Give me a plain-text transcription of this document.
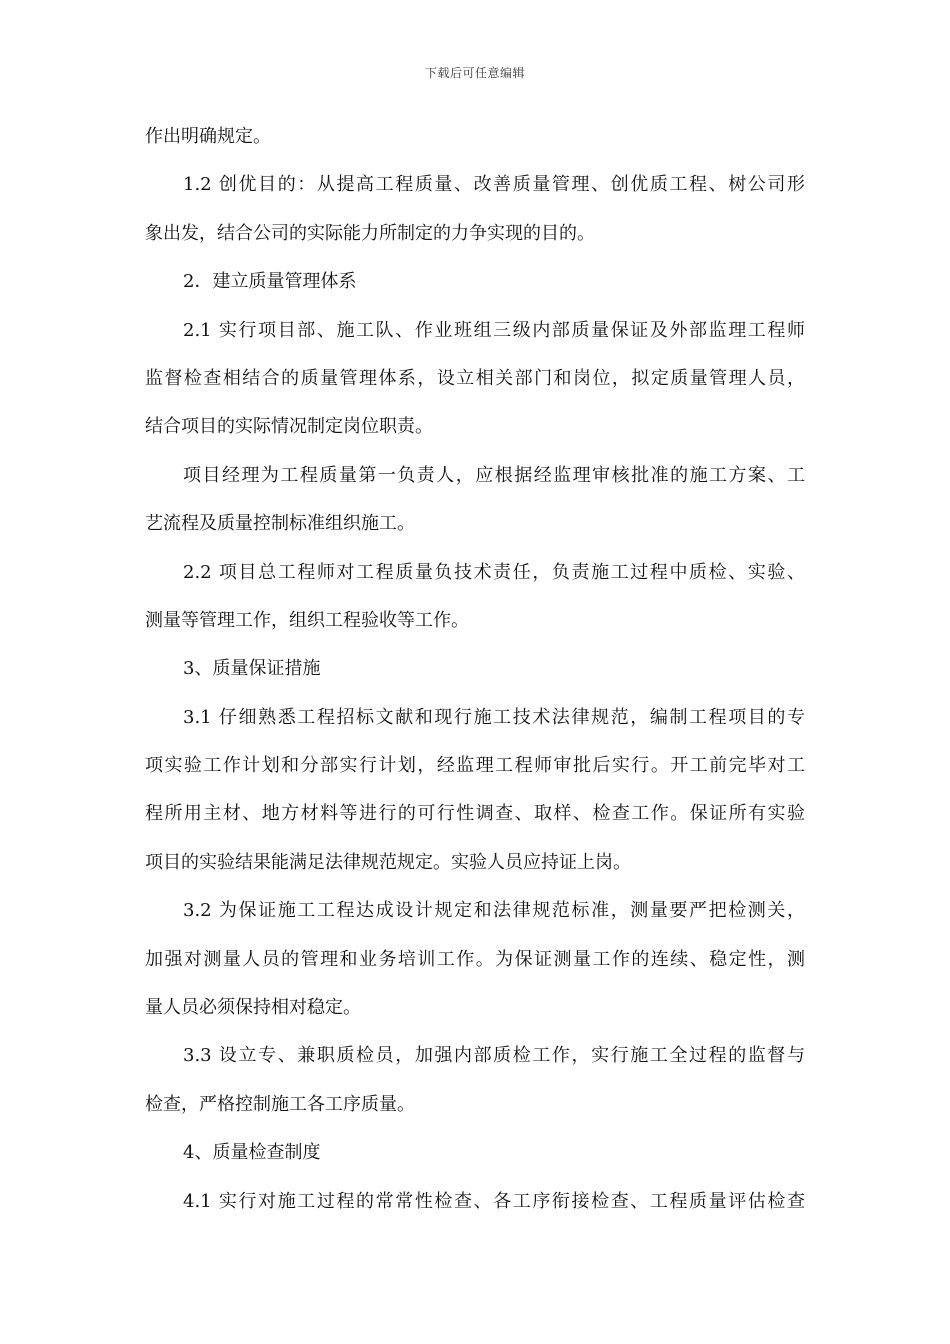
下载后可任意编辑
作出明确规定。
1.2 创优目的：从提高工程质量、改善质量管理、创优质工程、树公司形
象出发，结合公司的实际能力所制定的力争实现的目的。
2．建立质量管理体系
2.1 实行项目部、施工队、作业班组三级内部质量保证及外部监理工程师
监督检查相结合的质量管理体系，设立相关部门和岗位，拟定质量管理人员，
结合项目的实际情况制定岗位职责。
项目经理为工程质量第一负责人，应根据经监理审核批准的施工方案、工
艺流程及质量控制标准组织施工。
2.2 项目总工程师对工程质量负技术责任，负责施工过程中质检、实验、
测量等管理工作，组织工程验收等工作。
3、质量保证措施
3.1 仔细熟悉工程招标文献和现行施工技术法律规范，编制工程项目的专
项实验工作计划和分部实行计划，经监理工程师审批后实行。开工前完毕对工
程所用主材、地方材料等进行的可行性调查、取样、检查工作。保证所有实验
项目的实验结果能满足法律规范规定。实验人员应持证上岗。
3.2 为保证施工工程达成设计规定和法律规范标准，测量要严把检测关，
加强对测量人员的管理和业务培训工作。为保证测量工作的连续、稳定性，测
量人员必须保持相对稳定。
3.3 设立专、兼职质检员，加强内部质检工作，实行施工全过程的监督与
检查，严格控制施工各工序质量。
4、质量检查制度
4.1 实行对施工过程的常常性检查、各工序衔接检查、工程质量评估检查
